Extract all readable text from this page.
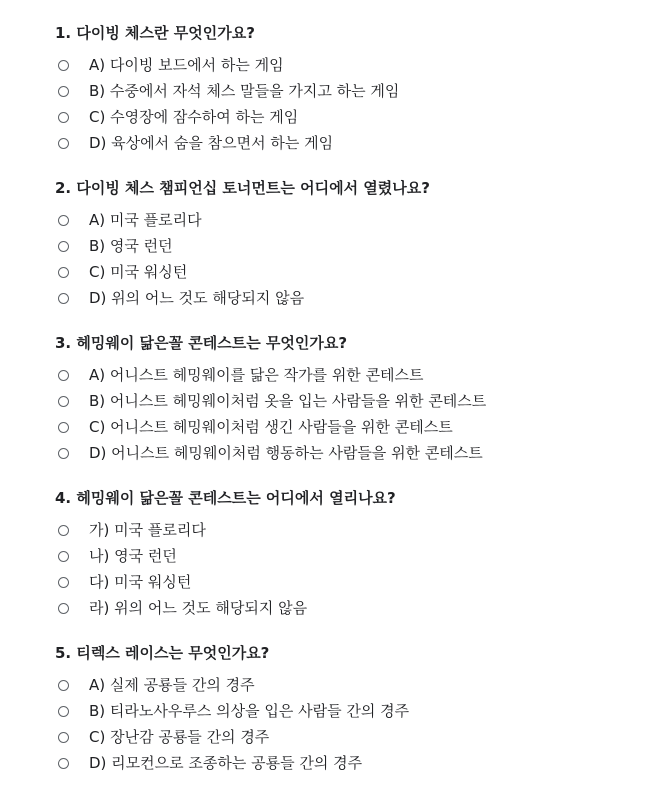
1. 다이빙 체스란 무엇인가요?
A) 다이빙 보드에서 하는 게임
B) 수중에서 자석 체스 말들을 가지고 하는 게임
C) 수영장에 잠수하여 하는 게임
D) 육상에서 숨을 참으면서 하는 게임
2. 다이빙 체스 챔피언십 토너먼트는 어디에서 열렸나요?
A) 미국 플로리다
B) 영국 런던
C) 미국 워싱턴
D) 위의 어느 것도 해당되지 않음
3. 헤밍웨이 닮은꼴 콘테스트는 무엇인가요?
A) 어니스트 헤밍웨이를 닮은 작가를 위한 콘테스트
B) 어니스트 헤밍웨이처럼 옷을 입는 사람들을 위한 콘테스트
C) 어니스트 헤밍웨이처럼 생긴 사람들을 위한 콘테스트
D) 어니스트 헤밍웨이처럼 행동하는 사람들을 위한 콘테스트
4. 헤밍웨이 닮은꼴 콘테스트는 어디에서 열리나요?
가) 미국 플로리다
나) 영국 런던
다) 미국 워싱턴
라) 위의 어느 것도 해당되지 않음
5. 티렉스 레이스는 무엇인가요?
A) 실제 공룡들 간의 경주
B) 티라노사우루스 의상을 입은 사람들 간의 경주
C) 장난감 공룡들 간의 경주
D) 리모컨으로 조종하는 공룡들 간의 경주
